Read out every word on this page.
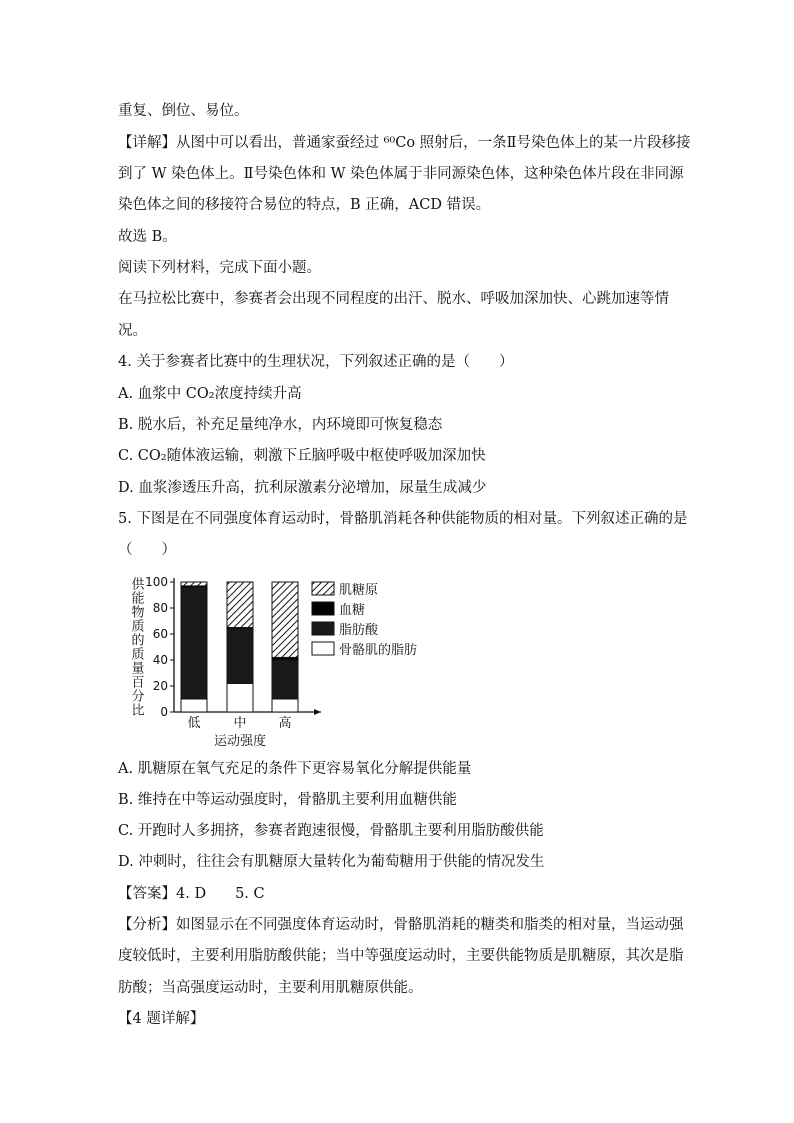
重复、倒位、易位。
【详解】从图中可以看出，普通家蚕经过 ⁶⁰Co 照射后，一条Ⅱ号染色体上的某一片段移接
到了 W 染色体上。Ⅱ号染色体和 W 染色体属于非同源染色体，这种染色体片段在非同源
染色体之间的移接符合易位的特点，B 正确，ACD 错误。
故选 B。
阅读下列材料，完成下面小题。
在马拉松比赛中，参赛者会出现不同程度的出汗、脱水、呼吸加深加快、心跳加速等情
况。
4. 关于参赛者比赛中的生理状况，下列叙述正确的是（　　）
A. 血浆中 CO₂浓度持续升高
B. 脱水后，补充足量纯净水，内环境即可恢复稳态
C. CO₂随体液运输，刺激下丘脑呼吸中枢使呼吸加深加快
D. 血浆渗透压升高，抗利尿激素分泌增加，尿量生成减少
5. 下图是在不同强度体育运动时，骨骼肌消耗各种供能物质的相对量。下列叙述正确的是
（　　）
0
20
40
60
80
100
供能物质的质量百分比
低	中 高
运动强度
肌糖原
血糖
脂肪酸
骨骼肌的脂肪
A. 肌糖原在氧气充足的条件下更容易氧化分解提供能量
B. 维持在中等运动强度时，骨骼肌主要利用血糖供能
C. 开跑时人多拥挤，参赛者跑速很慢，骨骼肌主要利用脂肪酸供能
D. 冲刺时，往往会有肌糖原大量转化为葡萄糖用于供能的情况发生
【答案】4. D　　5. C
【分析】如图显示在不同强度体育运动时，骨骼肌消耗的糖类和脂类的相对量，当运动强
度较低时，主要利用脂肪酸供能；当中等强度运动时，主要供能物质是肌糖原，其次是脂
肪酸；当高强度运动时，主要利用肌糖原供能。
【4 题详解】
